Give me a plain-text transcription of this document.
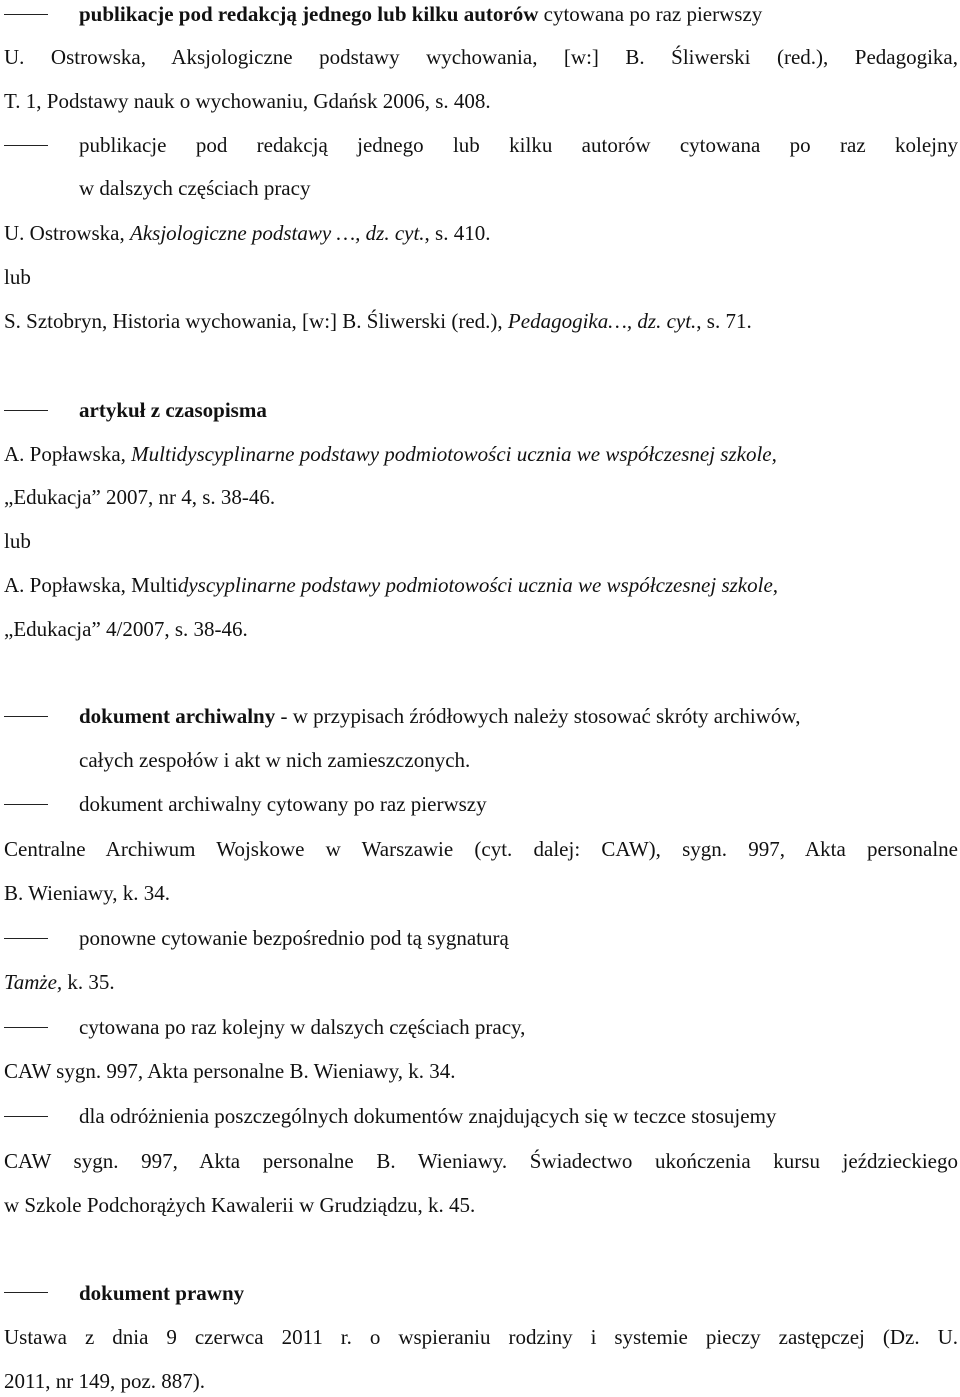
publikacje pod redakcją jednego lub kilku autorów cytowana po raz pierwszy
U. Ostrowska, Aksjologiczne podstawy wychowania, [w:] B. Śliwerski (red.), Pedagogika,
T. 1, Podstawy nauk o wychowaniu, Gdańsk 2006, s. 408.
publikacje pod redakcją jednego lub kilku autorów cytowana po raz kolejny
w dalszych częściach pracy
U. Ostrowska, Aksjologiczne podstawy …, dz. cyt., s. 410.
lub
S. Sztobryn, Historia wychowania, [w:] B. Śliwerski (red.), Pedagogika…, dz. cyt., s. 71.
artykuł z czasopisma
A. Popławska, Multidyscyplinarne podstawy podmiotowości ucznia we współczesnej szkole,
„Edukacja” 2007, nr 4, s. 38-46.
lub
A. Popławska, Multidyscyplinarne podstawy podmiotowości ucznia we współczesnej szkole,
„Edukacja” 4/2007, s. 38-46.
dokument archiwalny - w przypisach źródłowych należy stosować skróty archiwów,
całych zespołów i akt w nich zamieszczonych.
dokument archiwalny cytowany po raz pierwszy
Centralne Archiwum Wojskowe w Warszawie (cyt. dalej: CAW), sygn. 997, Akta personalne
B. Wieniawy, k. 34.
ponowne cytowanie bezpośrednio pod tą sygnaturą
Tamże, k. 35.
cytowana po raz kolejny w dalszych częściach pracy,
CAW sygn. 997, Akta personalne B. Wieniawy, k. 34.
dla odróżnienia poszczególnych dokumentów znajdujących się w teczce stosujemy
CAW sygn. 997, Akta personalne B. Wieniawy. Świadectwo ukończenia kursu jeździeckiego
w Szkole Podchorążych Kawalerii w Grudziądzu, k. 45.
dokument prawny
Ustawa z dnia 9 czerwca 2011 r. o wspieraniu rodziny i systemie pieczy zastępczej (Dz. U.
2011, nr 149, poz. 887).
